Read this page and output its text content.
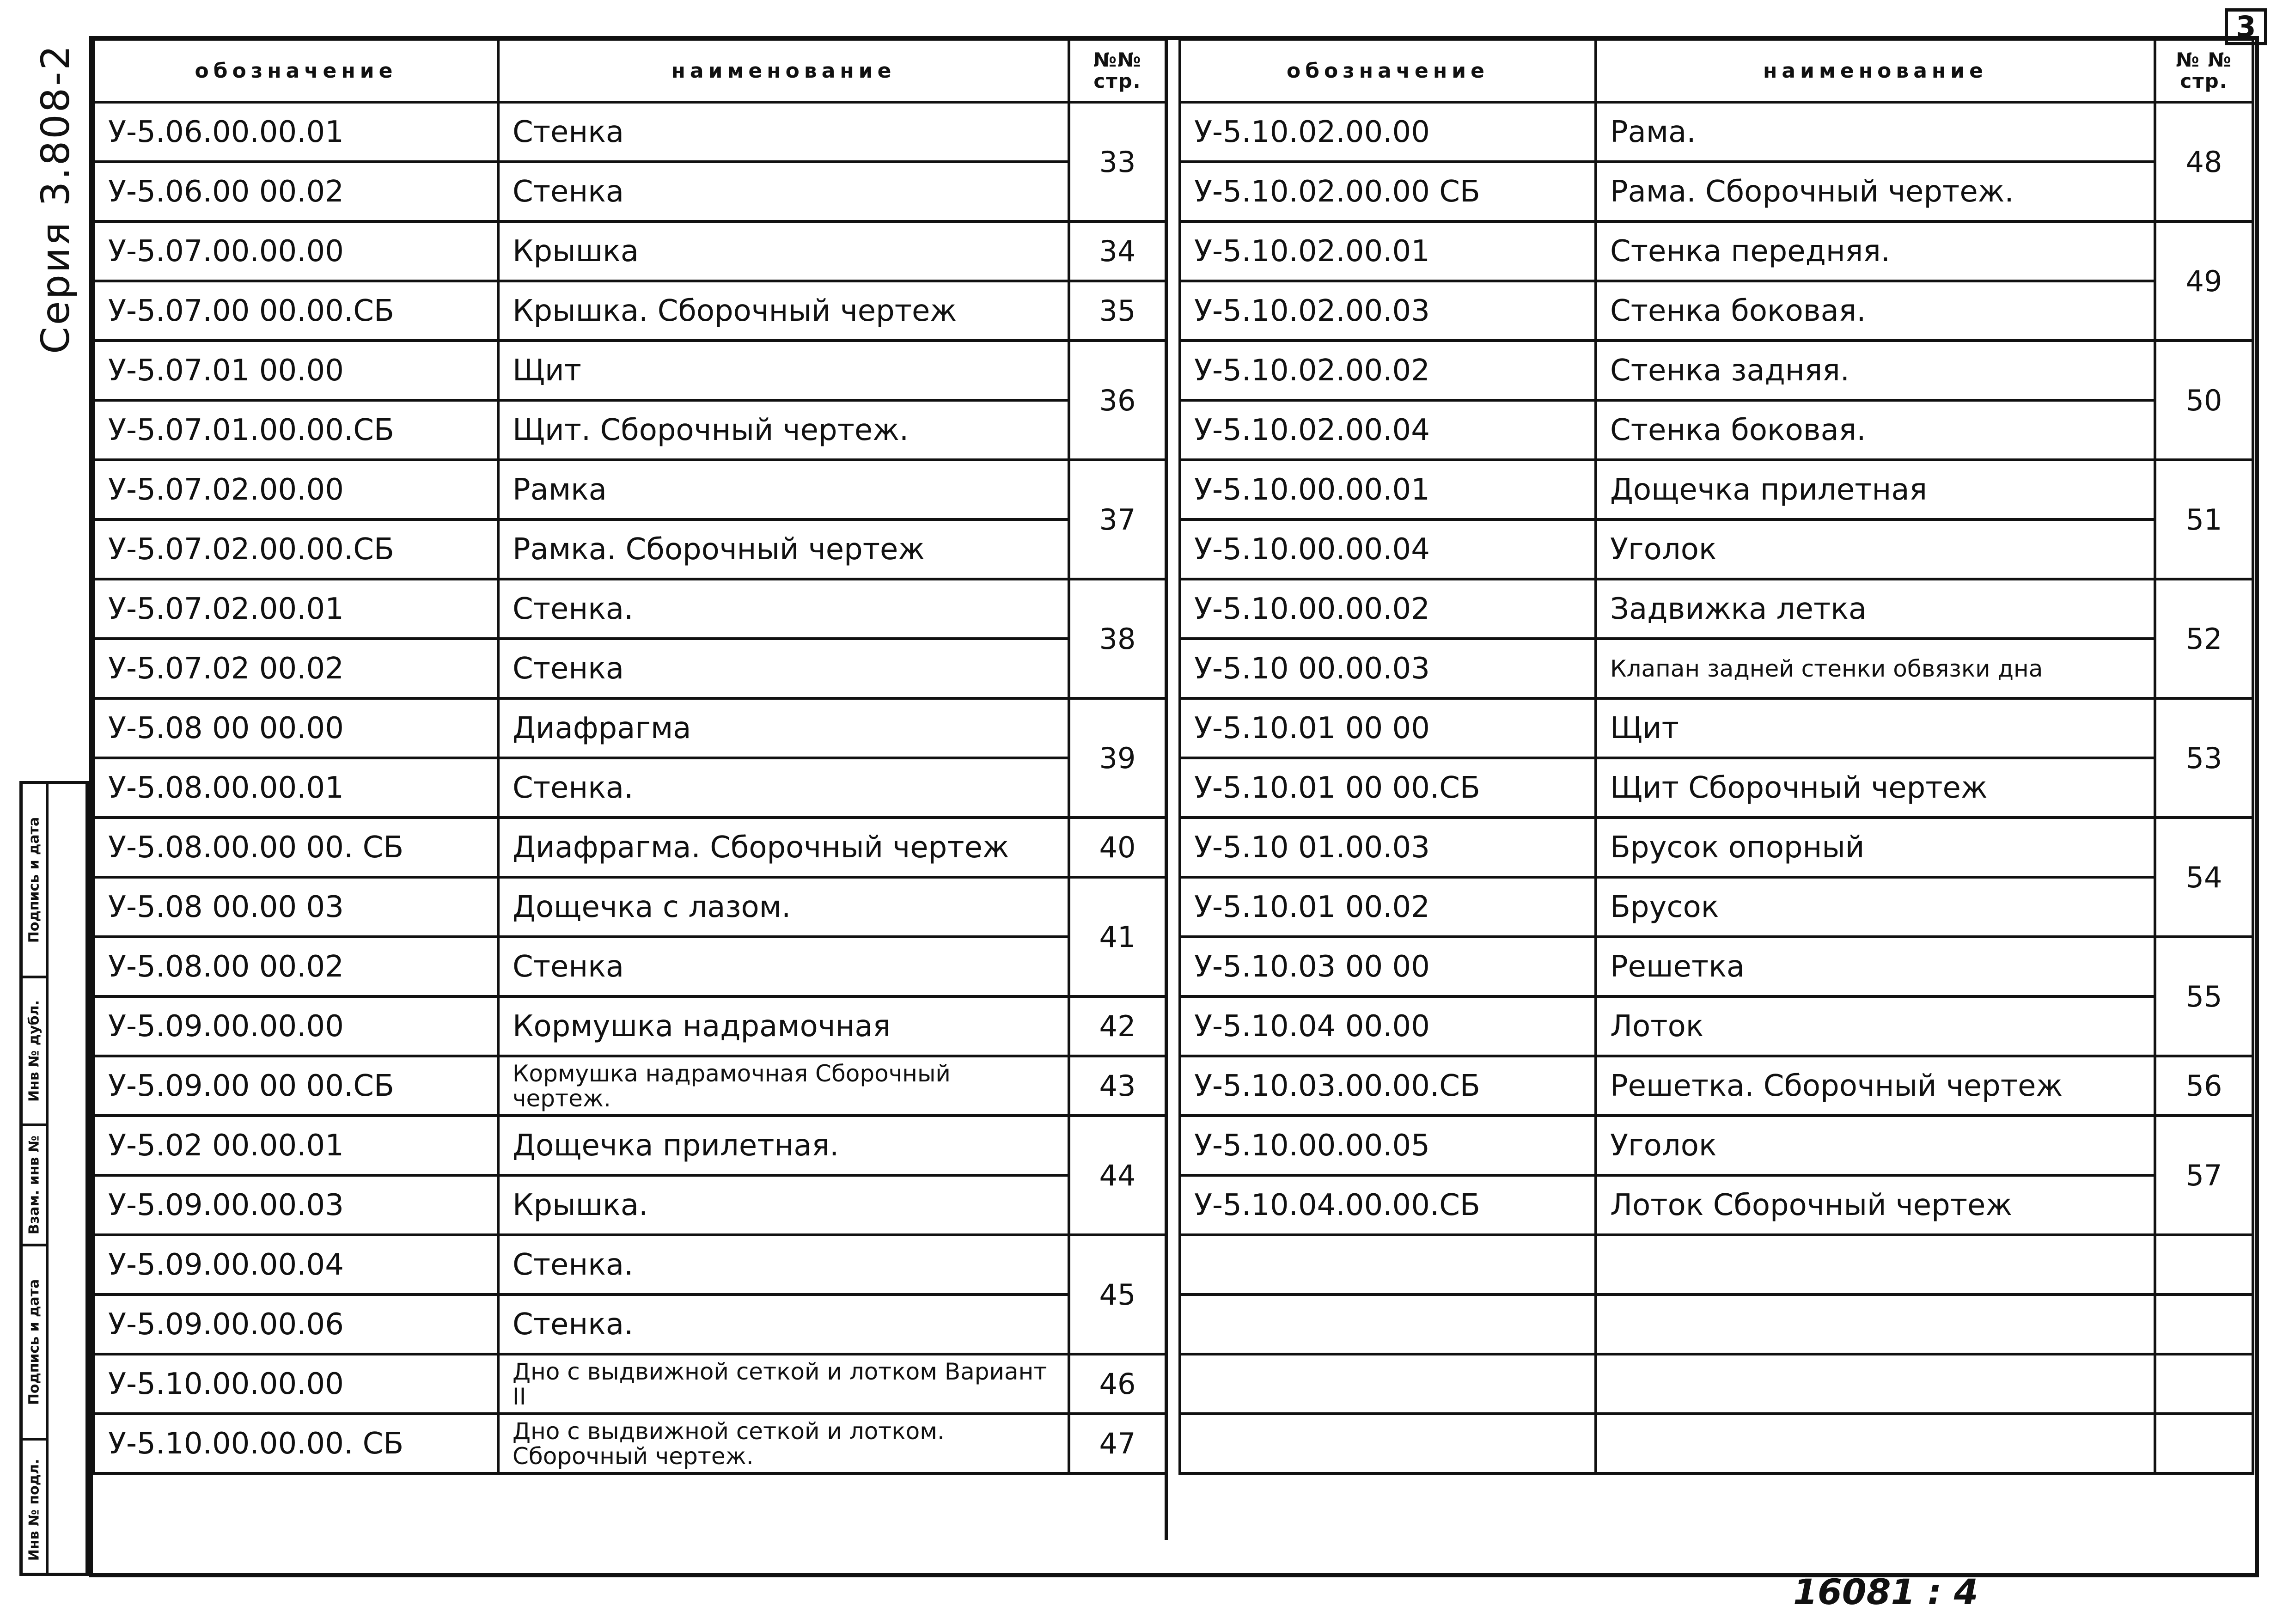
3
Серия 3.808-2
Подпись и дата
Инв № дубл.
Взам. инв №
Подпись и дата
Инв № подл.
обозначение	наименование	№№ стр.
У-5.06.00.00.01	Стенка	33
У-5.06.00 00.02	Стенка	
У-5.07.00.00.00	Крышка	34
У-5.07.00 00.00.СБ	Крышка. Сборочный чертеж	35
У-5.07.01 00.00	Щит	36
У-5.07.01.00.00.СБ	Щит. Сборочный чертеж.	
У-5.07.02.00.00	Рамка	37
У-5.07.02.00.00.СБ	Рамка. Сборочный чертеж	
У-5.07.02.00.01	Стенка.	38
У-5.07.02 00.02	Стенка	
У-5.08 00 00.00	Диафрагма	39
У-5.08.00.00.01	Стенка.	
У-5.08.00.00 00. СБ	Диафрагма. Сборочный чертеж	40
У-5.08 00.00 03	Дощечка с лазом.	41
У-5.08.00 00.02	Стенка	
У-5.09.00.00.00	Кормушка надрамочная	42
У-5.09.00 00 00.СБ	Кормушка надрамочная Сборочный чертеж.	43
У-5.02 00.00.01	Дощечка прилетная.	44
У-5.09.00.00.03	Крышка.	
У-5.09.00.00.04	Стенка.	45
У-5.09.00.00.06	Стенка.	
У-5.10.00.00.00	Дно с выдвижной сеткой и лотком Вариант II	46
У-5.10.00.00.00. СБ	Дно с выдвижной сеткой и лотком. Сборочный чертеж.	47
обозначение	наименование	№ № стр.
У-5.10.02.00.00	Рама.	48
У-5.10.02.00.00 СБ	Рама. Сборочный чертеж.	
У-5.10.02.00.01	Стенка передняя.	49
У-5.10.02.00.03	Стенка боковая.	
У-5.10.02.00.02	Стенка задняя.	50
У-5.10.02.00.04	Стенка боковая.	
У-5.10.00.00.01	Дощечка прилетная	51
У-5.10.00.00.04	Уголок	
У-5.10.00.00.02	Задвижка летка	52
У-5.10 00.00.03	Клапан задней стенки обвязки дна	
У-5.10.01 00 00	Щит	53
У-5.10.01 00 00.СБ	Щит Сборочный чертеж	
У-5.10 01.00.03	Брусок опорный	54
У-5.10.01 00.02	Брусок	
У-5.10.03 00 00	Решетка	55
У-5.10.04 00.00	Лоток	
У-5.10.03.00.00.СБ	Решетка. Сборочный чертеж	56
У-5.10.00.00.05	Уголок	57
У-5.10.04.00.00.СБ	Лоток Сборочный чертеж	

16081 : 4
